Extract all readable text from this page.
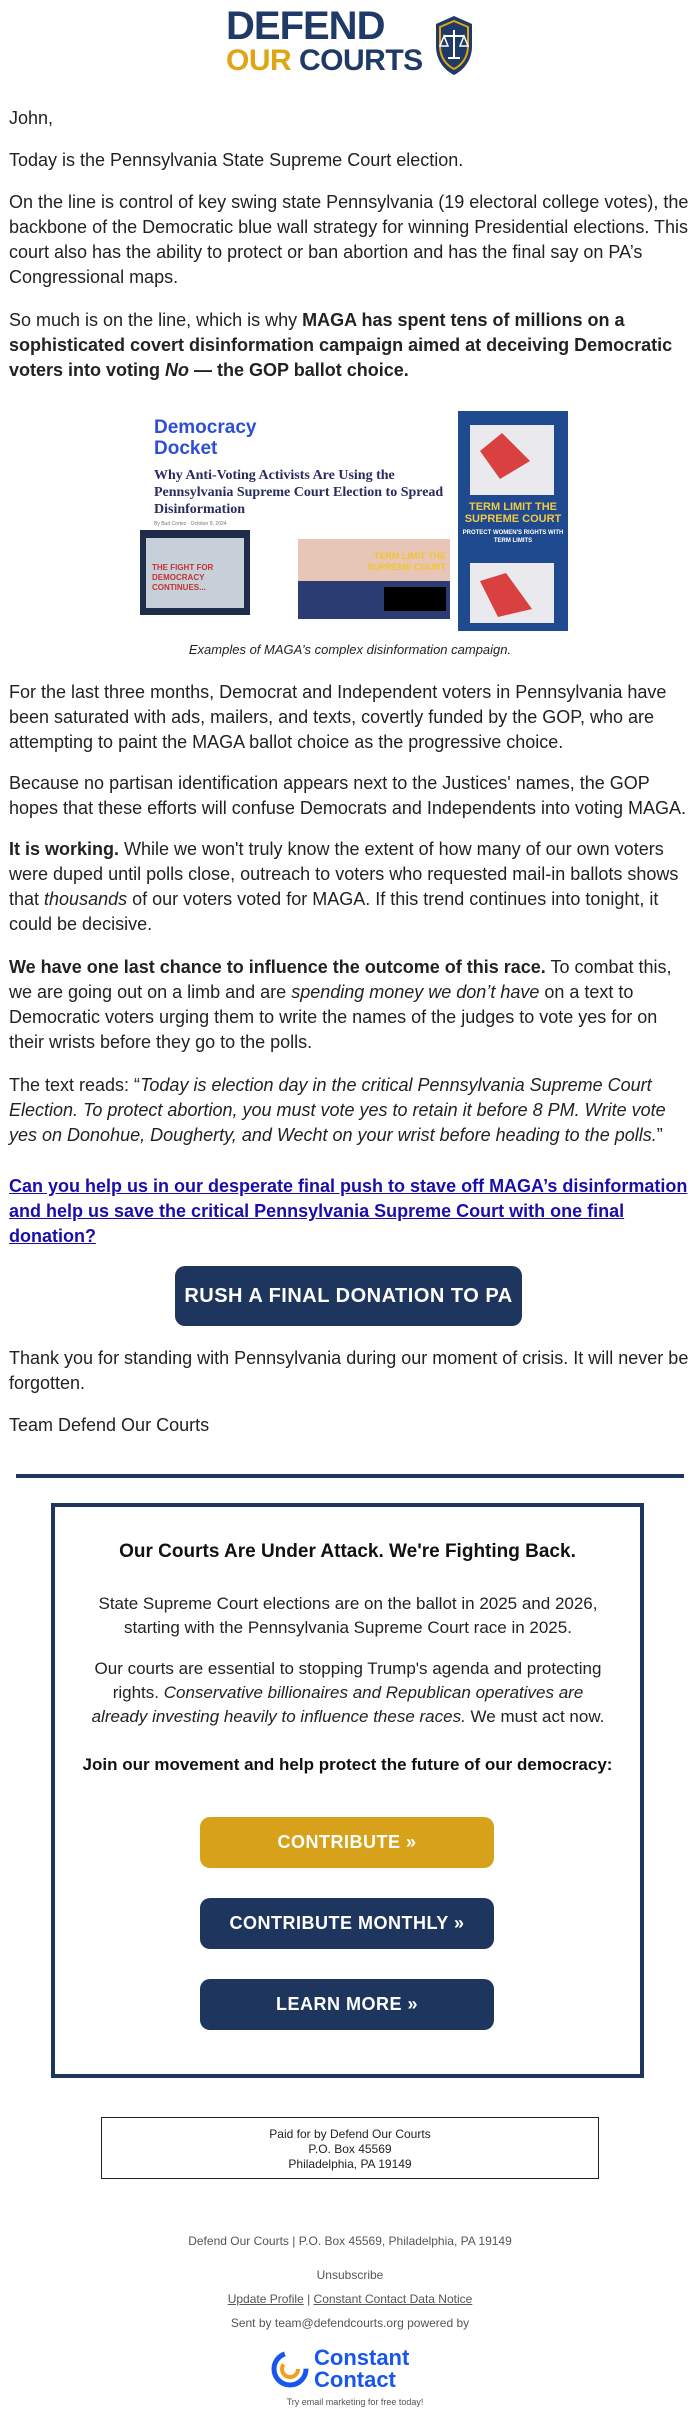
DEFEND
OUR COURTS

John,

Today is the Pennsylvania State Supreme Court election.

On the line is control of key swing state Pennsylvania (19 electoral college votes), the backbone of the Democratic blue wall strategy for winning Presidential elections. This court also has the ability to protect or ban abortion and has the final say on PA’s Congressional maps.

So much is on the line, which is why MAGA has spent tens of millions on a sophisticated covert disinformation campaign aimed at deceiving Democratic voters into voting No — the GOP ballot choice.

Democracy Docket
Why Anti-Voting Activists Are Using the Pennsylvania Supreme Court Election to Spread Disinformation
By Bud Cortez · October 8, 2024
THE FIGHT FOR DEMOCRACY CONTINUES...
TERM LIMIT THE SUPREME COURT
TERM LIMIT THE SUPREME COURT
PROTECT WOMEN'S RIGHTS WITH TERM LIMITS
Examples of MAGA’s complex disinformation campaign.

For the last three months, Democrat and Independent voters in Pennsylvania have been saturated with ads, mailers, and texts, covertly funded by the GOP, who are attempting to paint the MAGA ballot choice as the progressive choice.

Because no partisan identification appears next to the Justices' names, the GOP hopes that these efforts will confuse Democrats and Independents into voting MAGA.

It is working. While we won't truly know the extent of how many of our own voters were duped until polls close, outreach to voters who requested mail-in ballots shows that thousands of our voters voted for MAGA. If this trend continues into tonight, it could be decisive.

We have one last chance to influence the outcome of this race. To combat this, we are going out on a limb and are spending money we don’t have on a text to Democratic voters urging them to write the names of the judges to vote yes for on their wrists before they go to the polls.

The text reads: “Today is election day in the critical Pennsylvania Supreme Court Election. To protect abortion, you must vote yes to retain it before 8 PM. Write vote yes on Donohue, Dougherty, and Wecht on your wrist before heading to the polls.”

Can you help us in our desperate final push to stave off MAGA’s disinformation and help us save the critical Pennsylvania Supreme Court with one final donation?
RUSH A FINAL DONATION TO PA

Thank you for standing with Pennsylvania during our moment of crisis. It will never be forgotten.

Team Defend Our Courts

Our Courts Are Under Attack. We're Fighting Back.
State Supreme Court elections are on the ballot in 2025 and 2026, starting with the Pennsylvania Supreme Court race in 2025.
Our courts are essential to stopping Trump's agenda and protecting rights. Conservative billionaires and Republican operatives are already investing heavily to influence these races. We must act now.
Join our movement and help protect the future of our democracy:
CONTRIBUTE »
CONTRIBUTE MONTHLY »
LEARN MORE »
Paid for by Defend Our Courts
P.O. Box 45569
Philadelphia, PA 19149
Defend Our Courts | P.O. Box 45569, Philadelphia, PA 19149
Unsubscribe
Update Profile | Constant Contact Data Notice
Sent by team@defendcourts.org powered by
Constant
Contact
Try email marketing for free today!
